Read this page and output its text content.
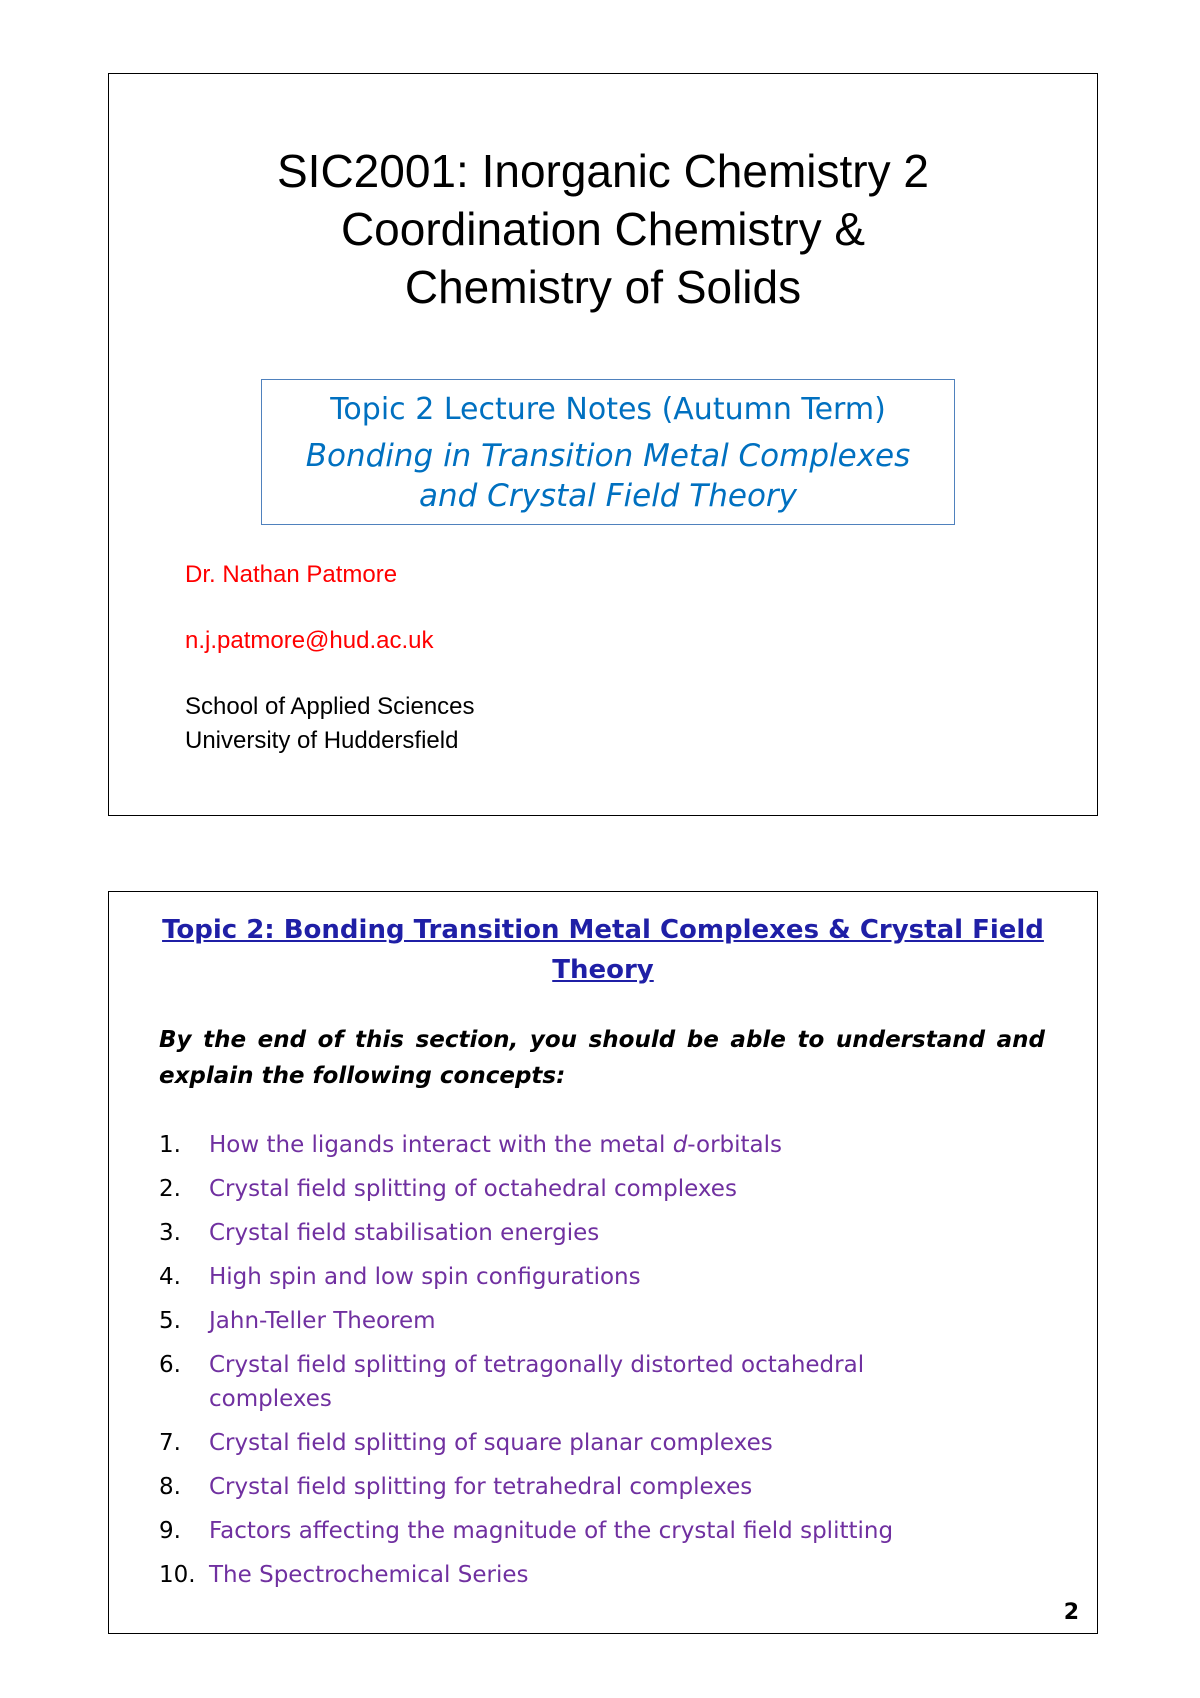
SIC2001: Inorganic Chemistry 2
Coordination Chemistry &
Chemistry of Solids
Topic 2 Lecture Notes (Autumn Term)
Bonding in Transition Metal Complexes
and Crystal Field Theory
Dr. Nathan Patmore
n.j.patmore@hud.ac.uk
School of Applied Sciences
University of Huddersfield
Topic 2: Bonding Transition Metal Complexes & Crystal Field
Theory
By the end of this section, you should be able to understand and
explain the following concepts:
1. How the ligands interact with the metal d-orbitals
2. Crystal field splitting of octahedral complexes
3. Crystal field stabilisation energies
4. High spin and low spin configurations
5. Jahn-Teller Theorem
6. Crystal field splitting of tetragonally distorted octahedral complexes
7. Crystal field splitting of square planar complexes
8. Crystal field splitting for tetrahedral complexes
9. Factors affecting the magnitude of the crystal field splitting
10. The Spectrochemical Series
2
